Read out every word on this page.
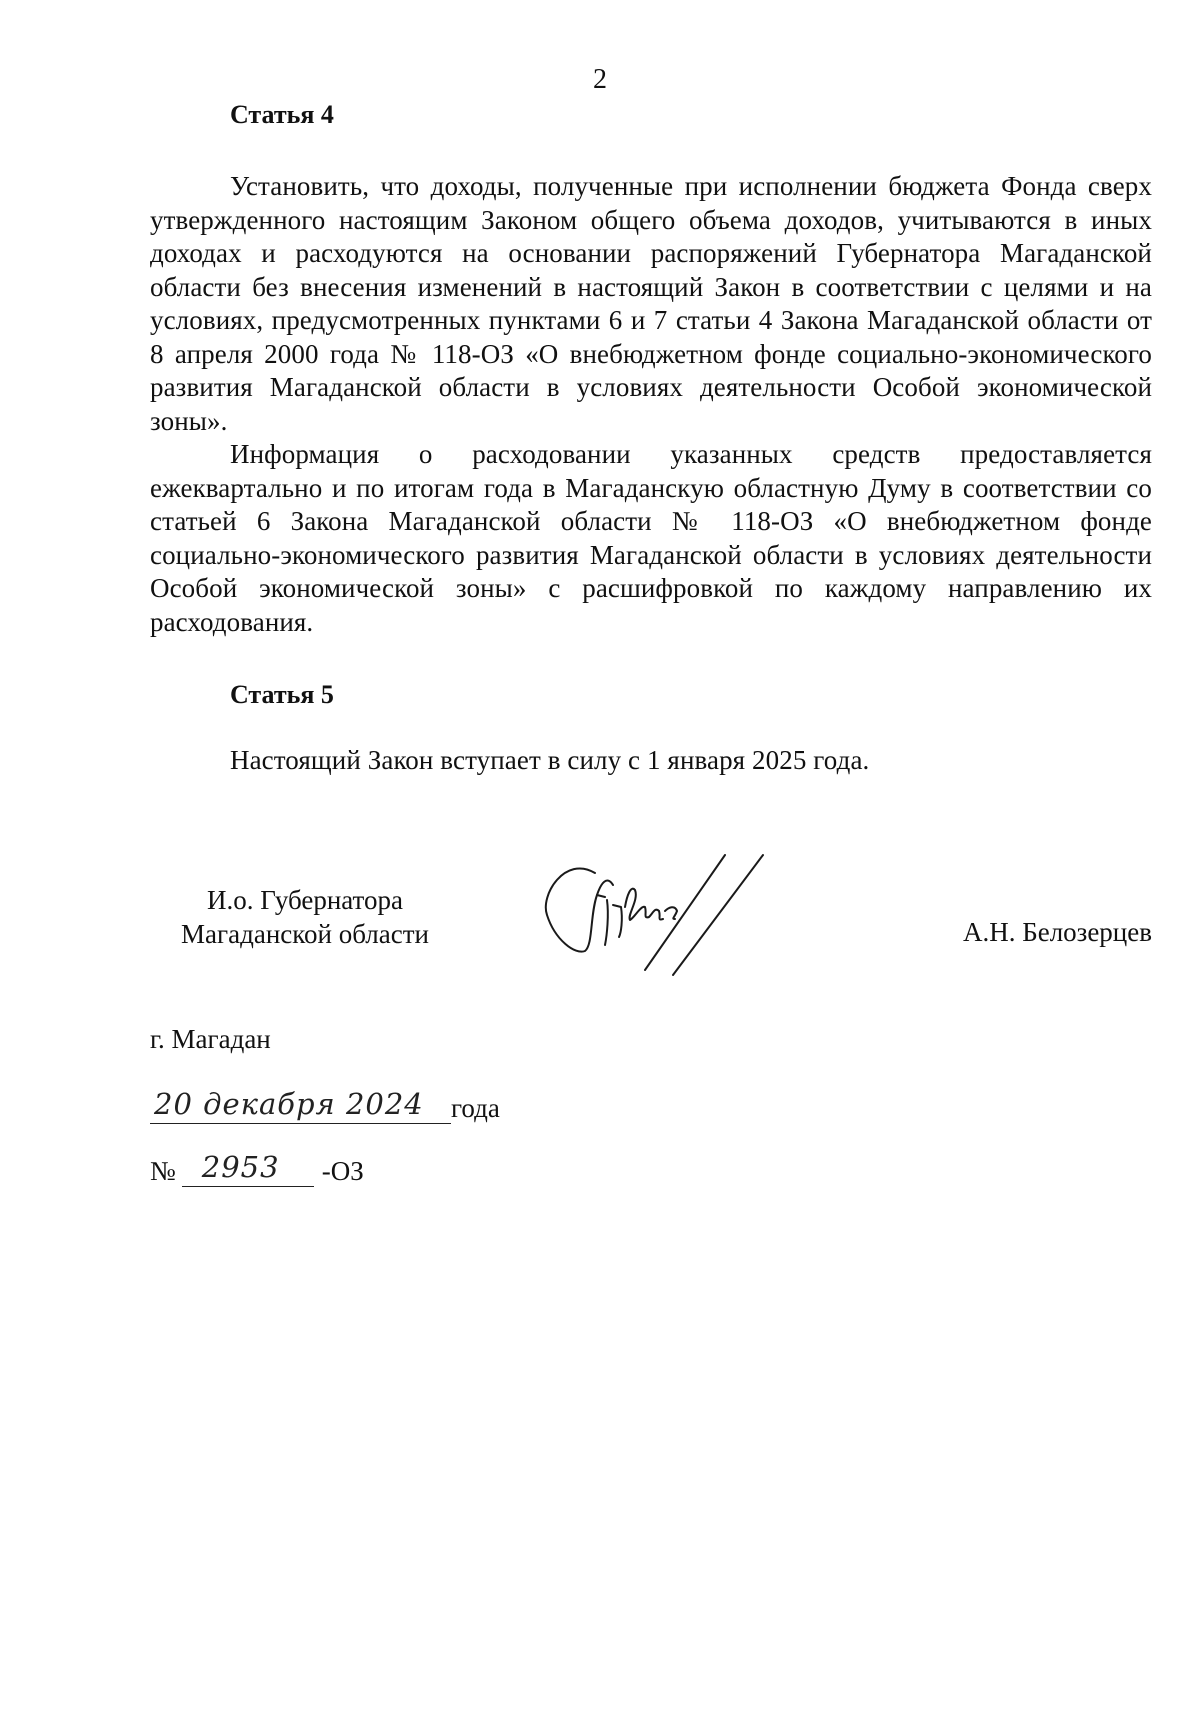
2
Статья 4

Установить, что доходы, полученные при исполнении бюджета Фонда сверх утвержденного настоящим Законом общего объема доходов, учитываются в иных доходах и расходуются на основании распоряжений Губернатора Магаданской области без внесения изменений в настоящий Закон в соответствии с целями и на условиях, предусмотренных пунктами 6 и 7 статьи 4 Закона Магаданской области от 8 апреля 2000 года № 118-ОЗ «О внебюджетном фонде социально-экономического развития Магаданской области в условиях деятельности Особой экономической зоны».

Информация о расходовании указанных средств предоставляется ежеквартально и по итогам года в Магаданскую областную Думу в соответствии со статьей 6 Закона Магаданской области № 118-ОЗ «О внебюджетном фонде социально-экономического развития Магаданской области в условиях деятельности Особой экономической зоны» с расшифровкой по каждому направлению их расходования.

Статья 5

Настоящий Закон вступает в силу с 1 января 2025 года.

И.о. Губернатора
Магаданской области	А.Н. Белозерцев
г. Магадан
20 декабря 2024	года
№ 2953	-ОЗ
